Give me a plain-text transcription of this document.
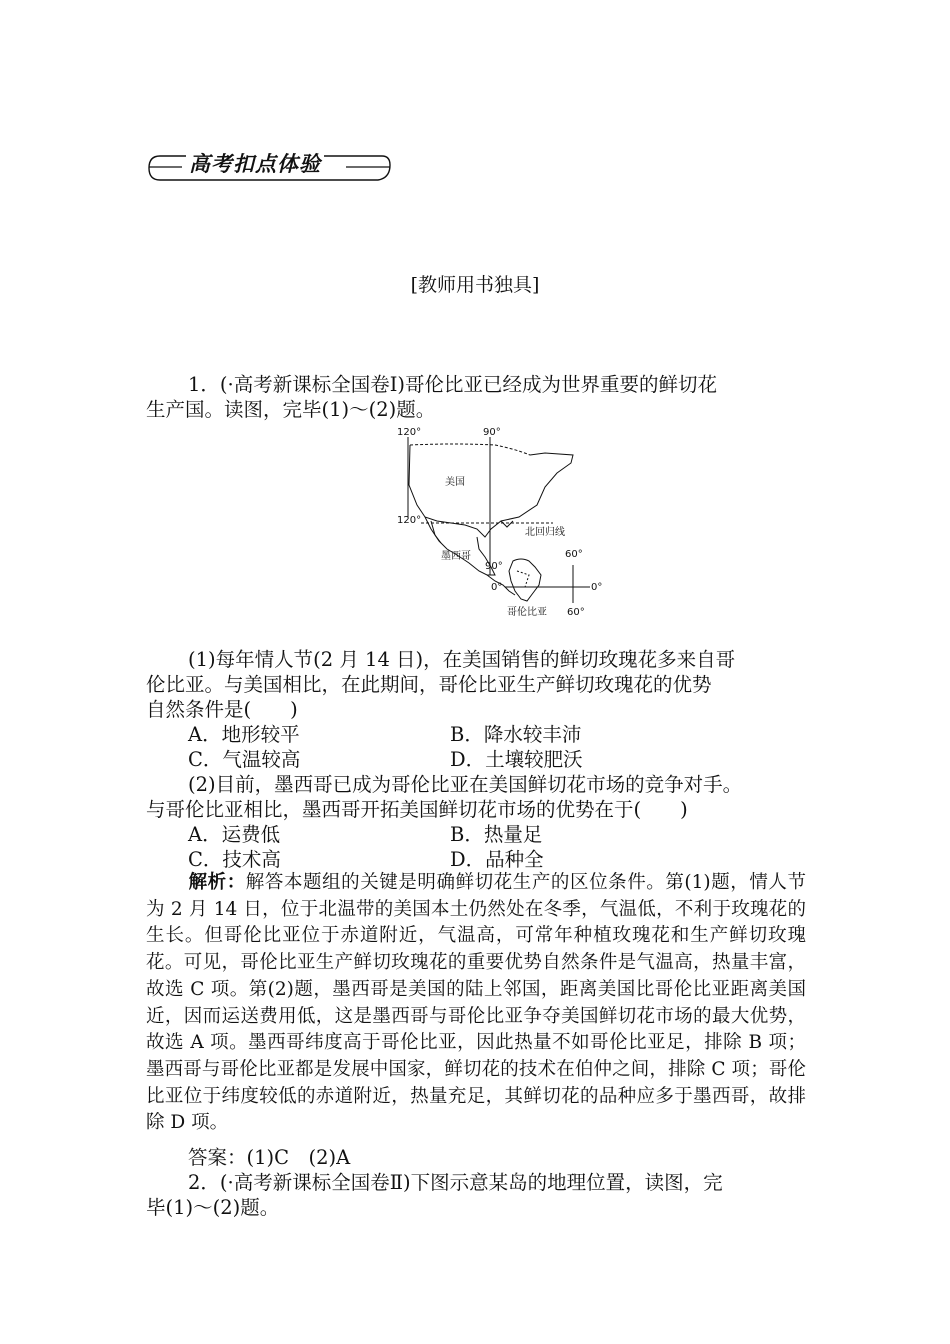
高考扣点体验
[教师用书独具]
1．(·高考新课标全国卷Ⅰ)哥伦比亚已经成为世界重要的鲜切花
生产国。读图，完毕(1)～(2)题。
120°	90°
美国
120°
北回归线
墨西哥	60°
90°
0°	0°
哥伦比亚 60°
(1)每年情人节(2 月 14 日)，在美国销售的鲜切玫瑰花多来自哥
伦比亚。与美国相比，在此期间，哥伦比亚生产鲜切玫瑰花的优势
自然条件是(　　)
A．地形较平	B．降水较丰沛
C．气温较高	D．土壤较肥沃
(2)目前，墨西哥已成为哥伦比亚在美国鲜切花市场的竞争对手。
与哥伦比亚相比，墨西哥开拓美国鲜切花市场的优势在于(　　)
A．运费低	B．热量足
C．技术高	D．品种全
解析：解答本题组的关键是明确鲜切花生产的区位条件。第(1)题，情人节为 2 月 14 日，位于北温带的美国本土仍然处在冬季，气温低，不利于玫瑰花的生长。但哥伦比亚位于赤道附近，气温高，可常年种植玫瑰花和生产鲜切玫瑰花。可见，哥伦比亚生产鲜切玫瑰花的重要优势自然条件是气温高，热量丰富，故选 C 项。第(2)题，墨西哥是美国的陆上邻国，距离美国比哥伦比亚距离美国近，因而运送费用低，这是墨西哥与哥伦比亚争夺美国鲜切花市场的最大优势，故选 A 项。墨西哥纬度高于哥伦比亚，因此热量不如哥伦比亚足，排除 B 项；墨西哥与哥伦比亚都是发展中国家，鲜切花的技术在伯仲之间，排除 C 项；哥伦比亚位于纬度较低的赤道附近，热量充足，其鲜切花的品种应多于墨西哥，故排除 D 项。
答案：(1)C　(2)A
2．(·高考新课标全国卷Ⅱ)下图示意某岛的地理位置，读图，完
毕(1)～(2)题。
